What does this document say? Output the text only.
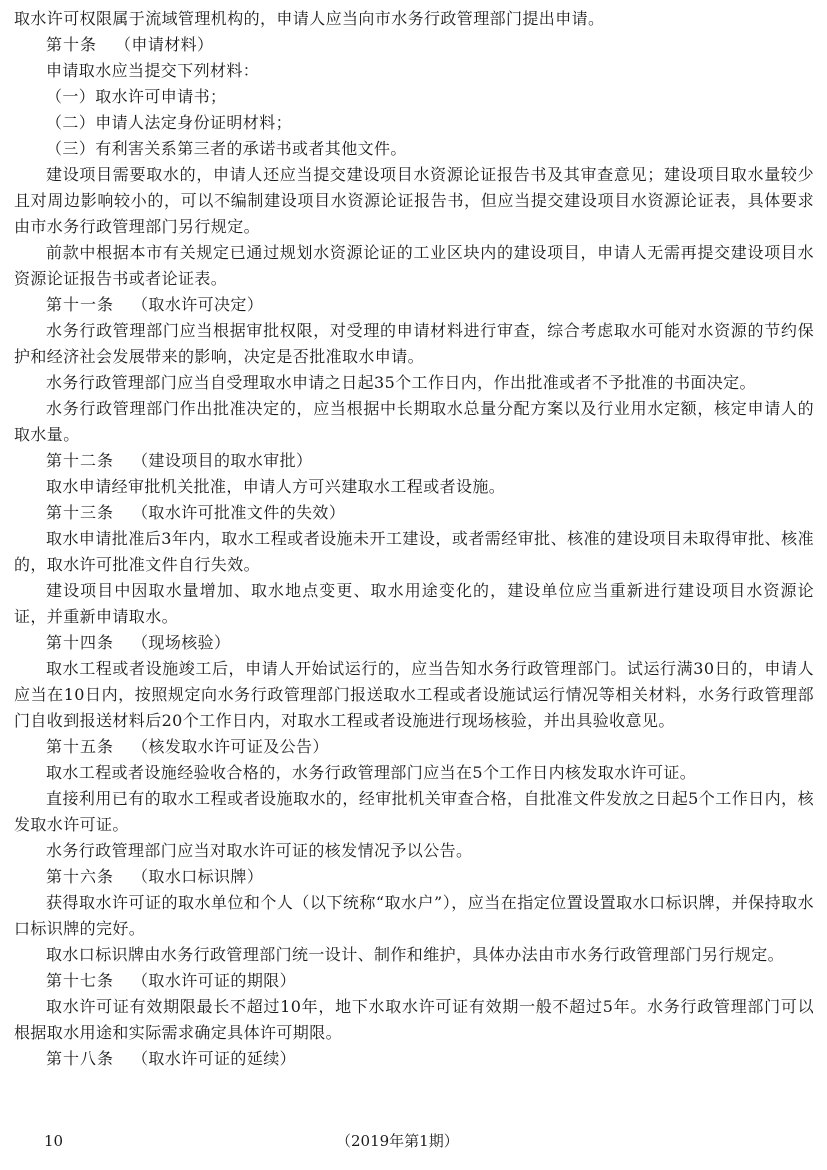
取水许可权限属于流域管理机构的，申请人应当向市水务行政管理部门提出申请。

第十条 （申请材料）

申请取水应当提交下列材料：

（一）取水许可申请书；

（二）申请人法定身份证明材料；

（三）有利害关系第三者的承诺书或者其他文件。

建设项目需要取水的，申请人还应当提交建设项目水资源论证报告书及其审查意见；建设项目取水量较少且对周边影响较小的，可以不编制建设项目水资源论证报告书，但应当提交建设项目水资源论证表，具体要求由市水务行政管理部门另行规定。

前款中根据本市有关规定已通过规划水资源论证的工业区块内的建设项目，申请人无需再提交建设项目水资源论证报告书或者论证表。

第十一条 （取水许可决定）

水务行政管理部门应当根据审批权限，对受理的申请材料进行审查，综合考虑取水可能对水资源的节约保护和经济社会发展带来的影响，决定是否批准取水申请。

水务行政管理部门应当自受理取水申请之日起35个工作日内，作出批准或者不予批准的书面决定。

水务行政管理部门作出批准决定的，应当根据中长期取水总量分配方案以及行业用水定额，核定申请人的取水量。

第十二条 （建设项目的取水审批）

取水申请经审批机关批准，申请人方可兴建取水工程或者设施。

第十三条 （取水许可批准文件的失效）

取水申请批准后3年内，取水工程或者设施未开工建设，或者需经审批、核准的建设项目未取得审批、核准的，取水许可批准文件自行失效。

建设项目中因取水量增加、取水地点变更、取水用途变化的，建设单位应当重新进行建设项目水资源论证，并重新申请取水。

第十四条 （现场核验）

取水工程或者设施竣工后，申请人开始试运行的，应当告知水务行政管理部门。试运行满30日的，申请人应当在10日内，按照规定向水务行政管理部门报送取水工程或者设施试运行情况等相关材料，水务行政管理部门自收到报送材料后20个工作日内，对取水工程或者设施进行现场核验，并出具验收意见。

第十五条 （核发取水许可证及公告）

取水工程或者设施经验收合格的，水务行政管理部门应当在5个工作日内核发取水许可证。

直接利用已有的取水工程或者设施取水的，经审批机关审查合格，自批准文件发放之日起5个工作日内，核发取水许可证。

水务行政管理部门应当对取水许可证的核发情况予以公告。

第十六条 （取水口标识牌）

获得取水许可证的取水单位和个人（以下统称“取水户”），应当在指定位置设置取水口标识牌，并保持取水口标识牌的完好。

取水口标识牌由水务行政管理部门统一设计、制作和维护，具体办法由市水务行政管理部门另行规定。

第十七条 （取水许可证的期限）

取水许可证有效期限最长不超过10年，地下水取水许可证有效期一般不超过5年。水务行政管理部门可以根据取水用途和实际需求确定具体许可期限。

第十八条 （取水许可证的延续）

10	（2019年第1期）
